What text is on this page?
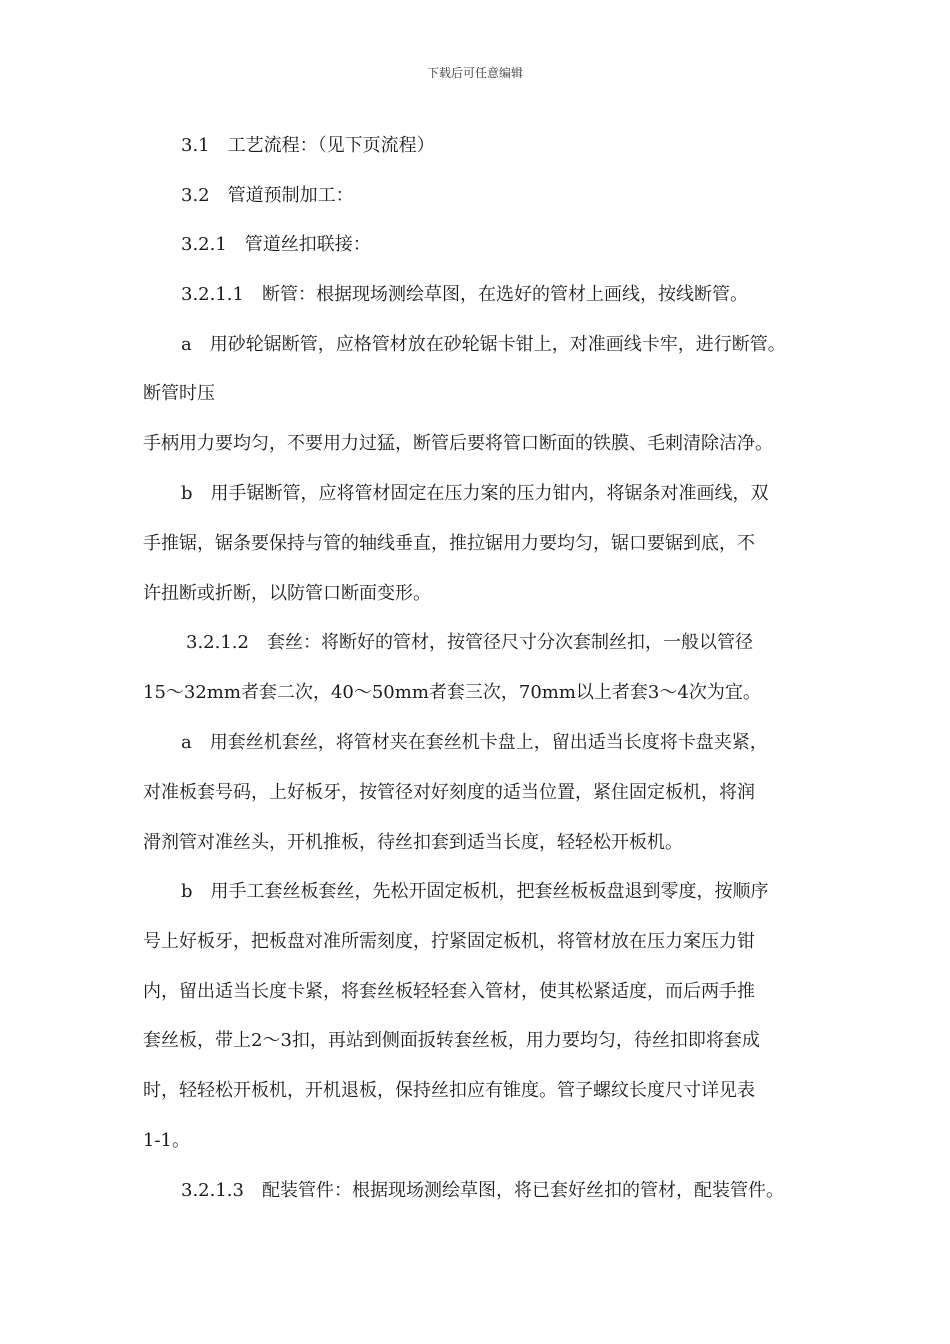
下载后可任意编辑
3.1　工艺流程：（见下页流程）
3.2　管道预制加工：
3.2.1　管道丝扣联接：
3.2.1.1　断管：根据现场测绘草图，在选好的管材上画线，按线断管。
a　用砂轮锯断管，应格管材放在砂轮锯卡钳上，对准画线卡牢，进行断管。
断管时压
手柄用力要均匀，不要用力过猛，断管后要将管口断面的铁膜、毛刺清除洁净。
b　用手锯断管，应将管材固定在压力案的压力钳内，将锯条对准画线，双
手推锯，锯条要保持与管的轴线垂直，推拉锯用力要均匀，锯口要锯到底，不
许扭断或折断，以防管口断面变形。
3.2.1.2　套丝：将断好的管材，按管径尺寸分次套制丝扣，一般以管径
15～32mm者套二次，40～50mm者套三次，70mm以上者套3～4次为宜。
a　用套丝机套丝，将管材夹在套丝机卡盘上，留出适当长度将卡盘夹紧，
对准板套号码，上好板牙，按管径对好刻度的适当位置，紧住固定板机，将润
滑剂管对准丝头，开机推板，待丝扣套到适当长度，轻轻松开板机。
b　用手工套丝板套丝，先松开固定板机，把套丝板板盘退到零度，按顺序
号上好板牙，把板盘对准所需刻度，拧紧固定板机，将管材放在压力案压力钳
内，留出适当长度卡紧，将套丝板轻轻套入管材，使其松紧适度，而后两手推
套丝板，带上2～3扣，再站到侧面扳转套丝板，用力要均匀，待丝扣即将套成
时，轻轻松开板机，开机退板，保持丝扣应有锥度。管子螺纹长度尺寸详见表
1-1。
3.2.1.3　配装管件：根据现场测绘草图，将已套好丝扣的管材，配装管件。
